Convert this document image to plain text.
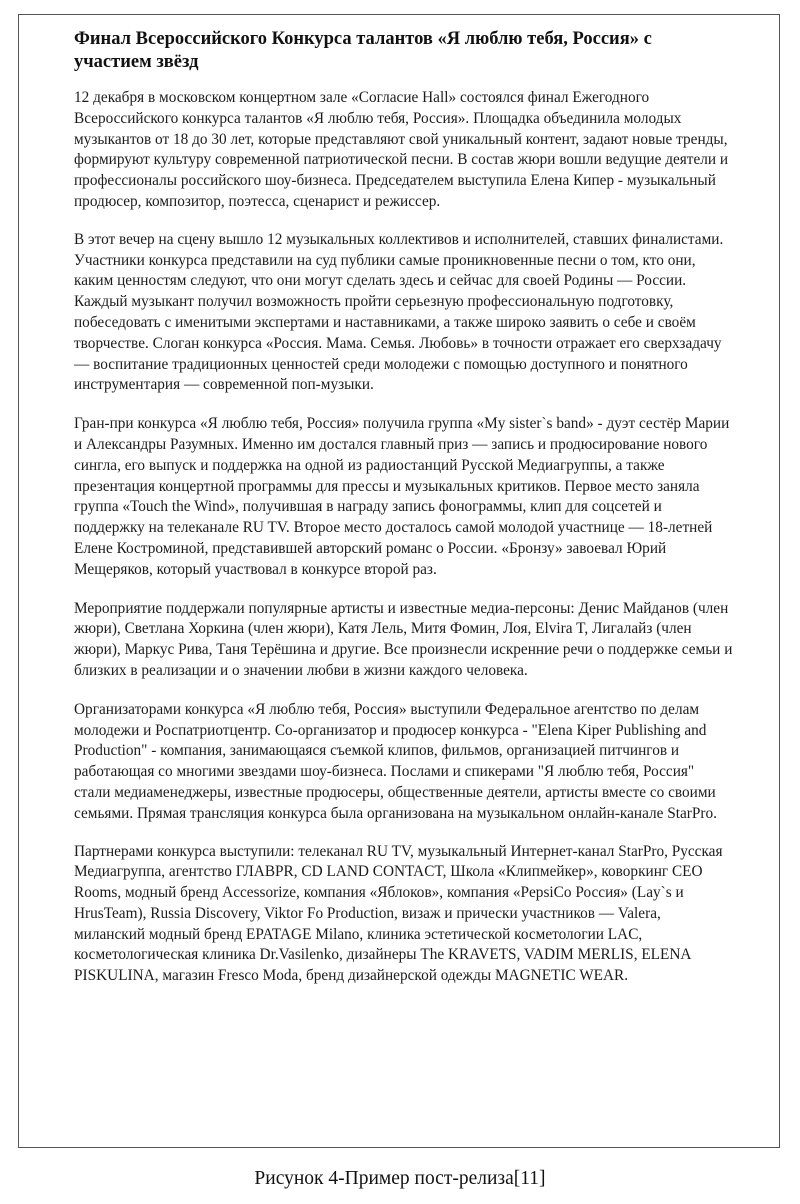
Финал Всероссийского Конкурса талантов «Я люблю тебя, Россия» с участием звёзд

12 декабря в московском концертном зале «Согласие Hall» состоялся финал Ежегодного Всероссийского конкурса талантов «Я люблю тебя, Россия». Площадка объединила молодых музыкантов от 18 до 30 лет, которые представляют свой уникальный контент, задают новые тренды, формируют культуру современной патриотической песни. В состав жюри вошли ведущие деятели и профессионалы российского шоу-бизнеса. Председателем выступила Елена Кипер - музыкальный продюсер, композитор, поэтесса, сценарист и режиссер.

В этот вечер на сцену вышло 12 музыкальных коллективов и исполнителей, ставших финалистами. Участники конкурса представили на суд публики самые проникновенные песни о том, кто они, каким ценностям следуют, что они могут сделать здесь и сейчас для своей Родины — России. Каждый музыкант получил возможность пройти серьезную профессиональную подготовку, побеседовать с именитыми экспертами и наставниками, а также широко заявить о себе и своём творчестве. Слоган конкурса «Россия. Мама. Семья. Любовь» в точности отражает его сверхзадачу — воспитание традиционных ценностей среди молодежи с помощью доступного и понятного инструментария — современной поп-музыки.

Гран-при конкурса «Я люблю тебя, Россия» получила группа «My sister`s band» - дуэт сестёр Марии и Александры Разумных. Именно им достался главный приз — запись и продюсирование нового сингла, его выпуск и поддержка на одной из радиостанций Русской Медиагруппы, а также презентация концертной программы для прессы и музыкальных критиков. Первое место заняла группа «Touch the Wind», получившая в награду запись фонограммы, клип для соцсетей и поддержку на телеканале RU TV. Второе место досталось самой молодой участнице — 18-летней Елене Костроминой, представившей авторский романс о России. «Бронзу» завоевал Юрий Мещеряков, который участвовал в конкурсе второй раз.

Мероприятие поддержали популярные артисты и известные медиа-персоны: Денис Майданов (член жюри), Светлана Хоркина (член жюри), Катя Лель, Митя Фомин, Лоя, Elvira T, Лигалайз (член жюри), Маркус Рива, Таня Терёшина и другие. Все произнесли искренние речи о поддержке семьи и близких в реализации и о значении любви в жизни каждого человека.

Организаторами конкурса «Я люблю тебя, Россия» выступили Федеральное агентство по делам молодежи и Роспатриотцентр. Со-организатор и продюсер конкурса - "Elena Kiper Publishing and Production" - компания, занимающаяся съемкой клипов, фильмов, организацией питчингов и работающая со многими звездами шоу-бизнеса. Послами и спикерами "Я люблю тебя, Россия" стали медиаменеджеры, известные продюсеры, общественные деятели, артисты вместе со своими семьями. Прямая трансляция конкурса была организована на музыкальном онлайн-канале StarPro.

Партнерами конкурса выступили: телеканал RU TV, музыкальный Интернет-канал StarPro, Русская Медиагруппа, агентство ГЛАВPR, CD LAND CONTACT, Школа «Клипмейкер», коворкинг CEO Rooms, модный бренд Accessorize, компания «Яблоков», компания «PepsiCo Россия» (Lay`s и HrusTeam), Russia Discovery, Viktor Fo Production, визаж и прически участников — Valera, миланский модный бренд EPATAGE Milano, клиника эстетической косметологии LAC, косметологическая клиника Dr.Vasilenko, дизайнеры The KRAVETS, VADIM MERLIS, ELENA PISKULINA, магазин Fresco Moda, бренд дизайнерской одежды MAGNETIC WEAR.

Рисунок 4-Пример пост-релиза[11]
